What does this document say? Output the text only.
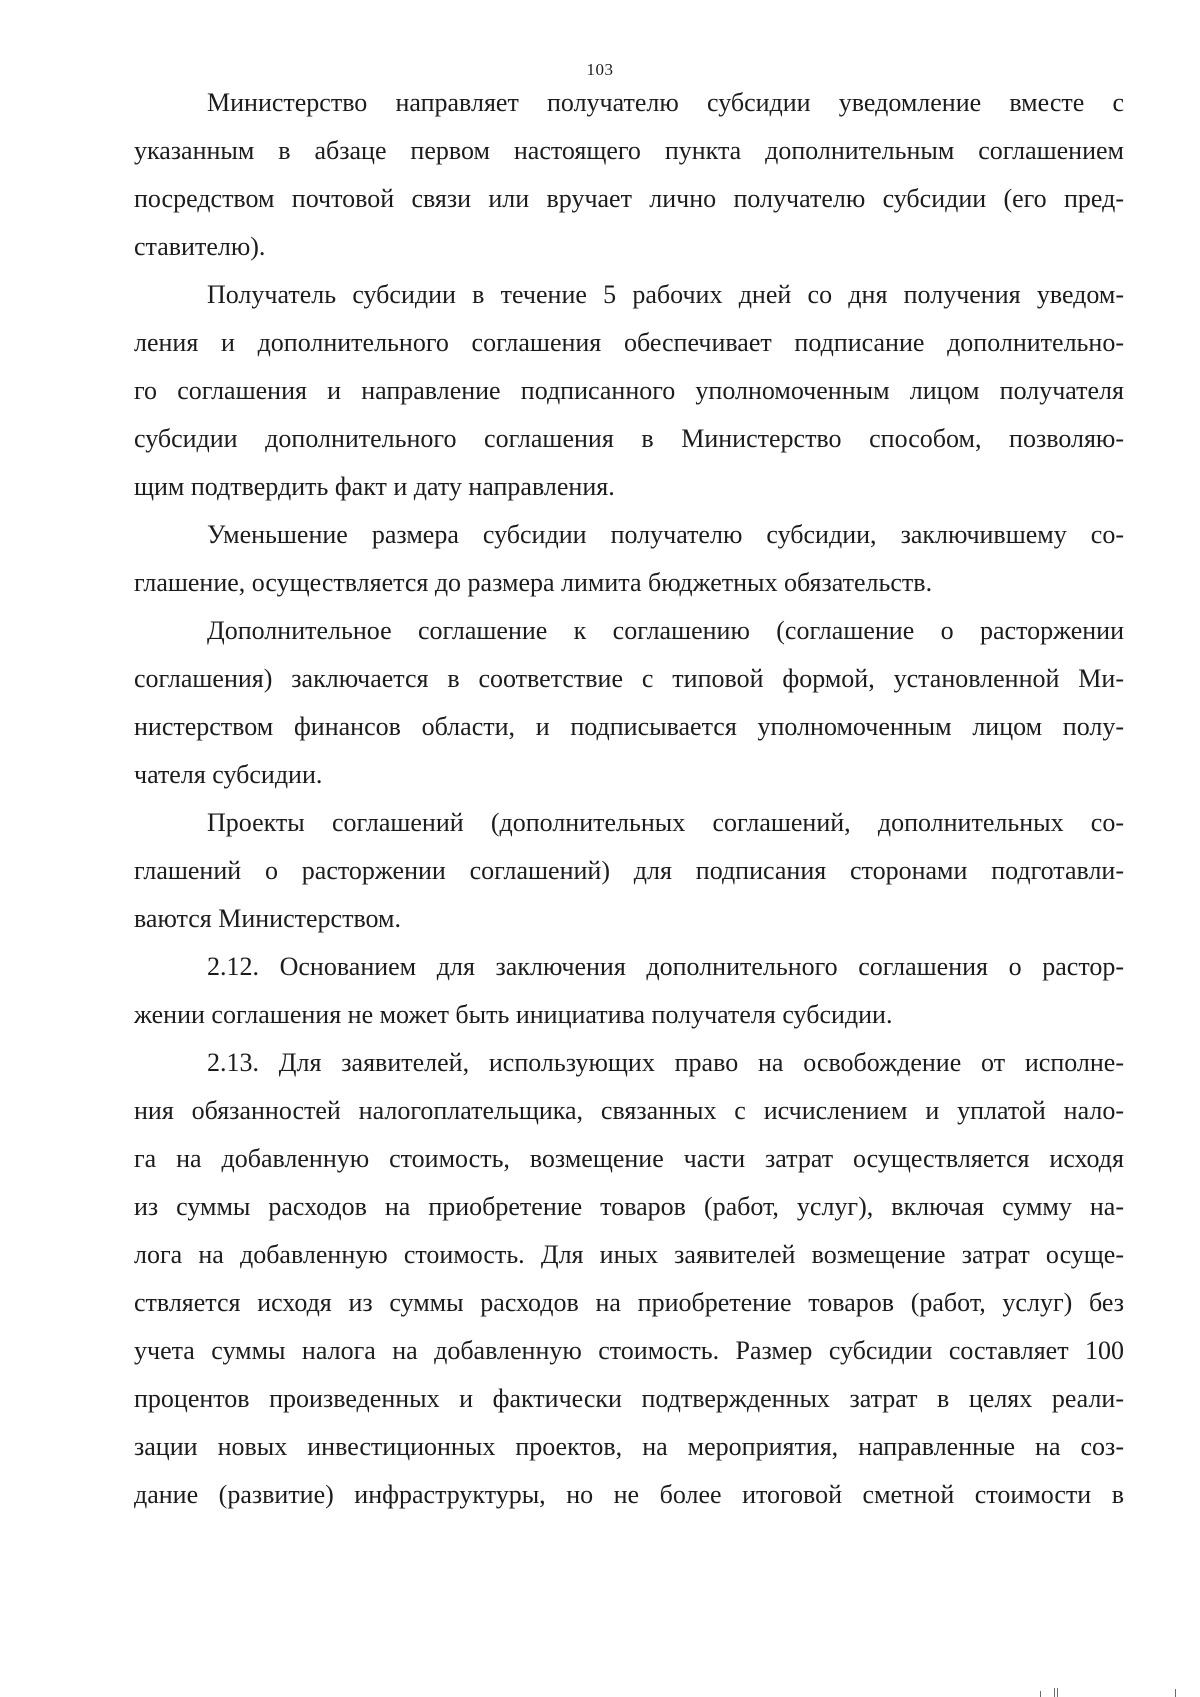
103
Министерство направляет получателю субсидии уведомление вместе с
указанным в абзаце первом настоящего пункта дополнительным соглашением
посредством почтовой связи или вручает лично получателю субсидии (его пред-
ставителю).
Получатель субсидии в течение 5 рабочих дней со дня получения уведом-
ления и дополнительного соглашения обеспечивает подписание дополнительно-
го соглашения и направление подписанного уполномоченным лицом получателя
субсидии дополнительного соглашения в Министерство способом, позволяю-
щим подтвердить факт и дату направления.
Уменьшение размера субсидии получателю субсидии, заключившему со-
глашение, осуществляется до размера лимита бюджетных обязательств.
Дополнительное соглашение к соглашению (соглашение о расторжении
соглашения) заключается в соответствие с типовой формой, установленной Ми-
нистерством финансов области, и подписывается уполномоченным лицом полу-
чателя субсидии.
Проекты соглашений (дополнительных соглашений, дополнительных со-
глашений о расторжении соглашений) для подписания сторонами подготавли-
ваются Министерством.
2.12. Основанием для заключения дополнительного соглашения о растор-
жении соглашения не может быть инициатива получателя субсидии.
2.13. Для заявителей, использующих право на освобождение от исполне-
ния обязанностей налогоплательщика, связанных с исчислением и уплатой нало-
га на добавленную стоимость, возмещение части затрат осуществляется исходя
из суммы расходов на приобретение товаров (работ, услуг), включая сумму на-
лога на добавленную стоимость. Для иных заявителей возмещение затрат осуще-
ствляется исходя из суммы расходов на приобретение товаров (работ, услуг) без
учета суммы налога на добавленную стоимость. Размер субсидии составляет 100
процентов произведенных и фактически подтвержденных затрат в целях реали-
зации новых инвестиционных проектов, на мероприятия, направленные на соз-
дание (развитие) инфраструктуры, но не более итоговой сметной стоимости в
